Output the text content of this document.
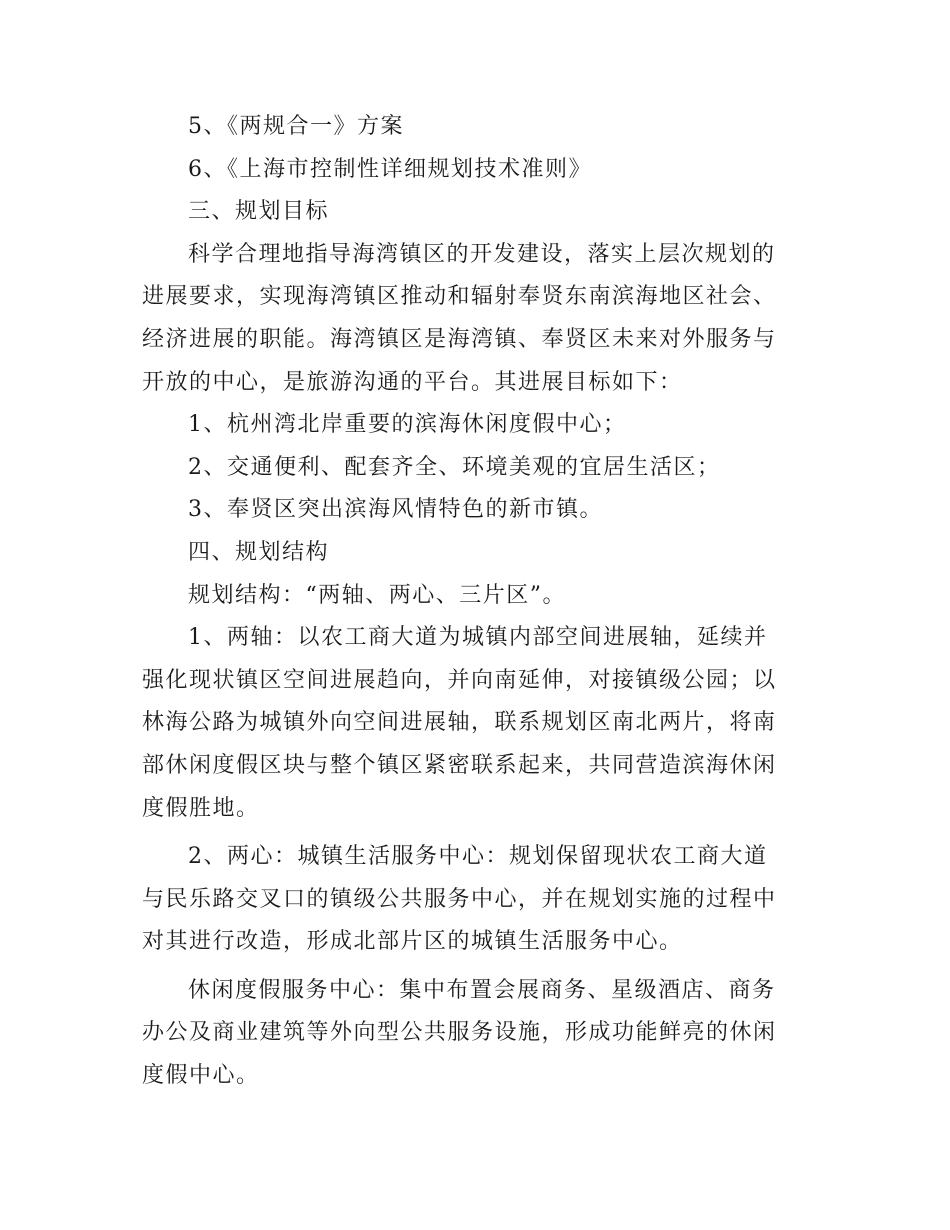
5、《两规合一》方案
6、《上海市控制性详细规划技术准则》
三、规划目标
科学合理地指导海湾镇区的开发建设，落实上层次规划的
进展要求，实现海湾镇区推动和辐射奉贤东南滨海地区社会、
经济进展的职能。海湾镇区是海湾镇、奉贤区未来对外服务与
开放的中心，是旅游沟通的平台。其进展目标如下：
1、杭州湾北岸重要的滨海休闲度假中心；
2、交通便利、配套齐全、环境美观的宜居生活区；
3、奉贤区突出滨海风情特色的新市镇。
四、规划结构
规划结构：“两轴、两心、三片区”。
1、两轴：以农工商大道为城镇内部空间进展轴，延续并
强化现状镇区空间进展趋向，并向南延伸，对接镇级公园；以
林海公路为城镇外向空间进展轴，联系规划区南北两片，将南
部休闲度假区块与整个镇区紧密联系起来，共同营造滨海休闲
度假胜地。
2、两心：城镇生活服务中心：规划保留现状农工商大道
与民乐路交叉口的镇级公共服务中心，并在规划实施的过程中
对其进行改造，形成北部片区的城镇生活服务中心。
休闲度假服务中心：集中布置会展商务、星级酒店、商务
办公及商业建筑等外向型公共服务设施，形成功能鲜亮的休闲
度假中心。
